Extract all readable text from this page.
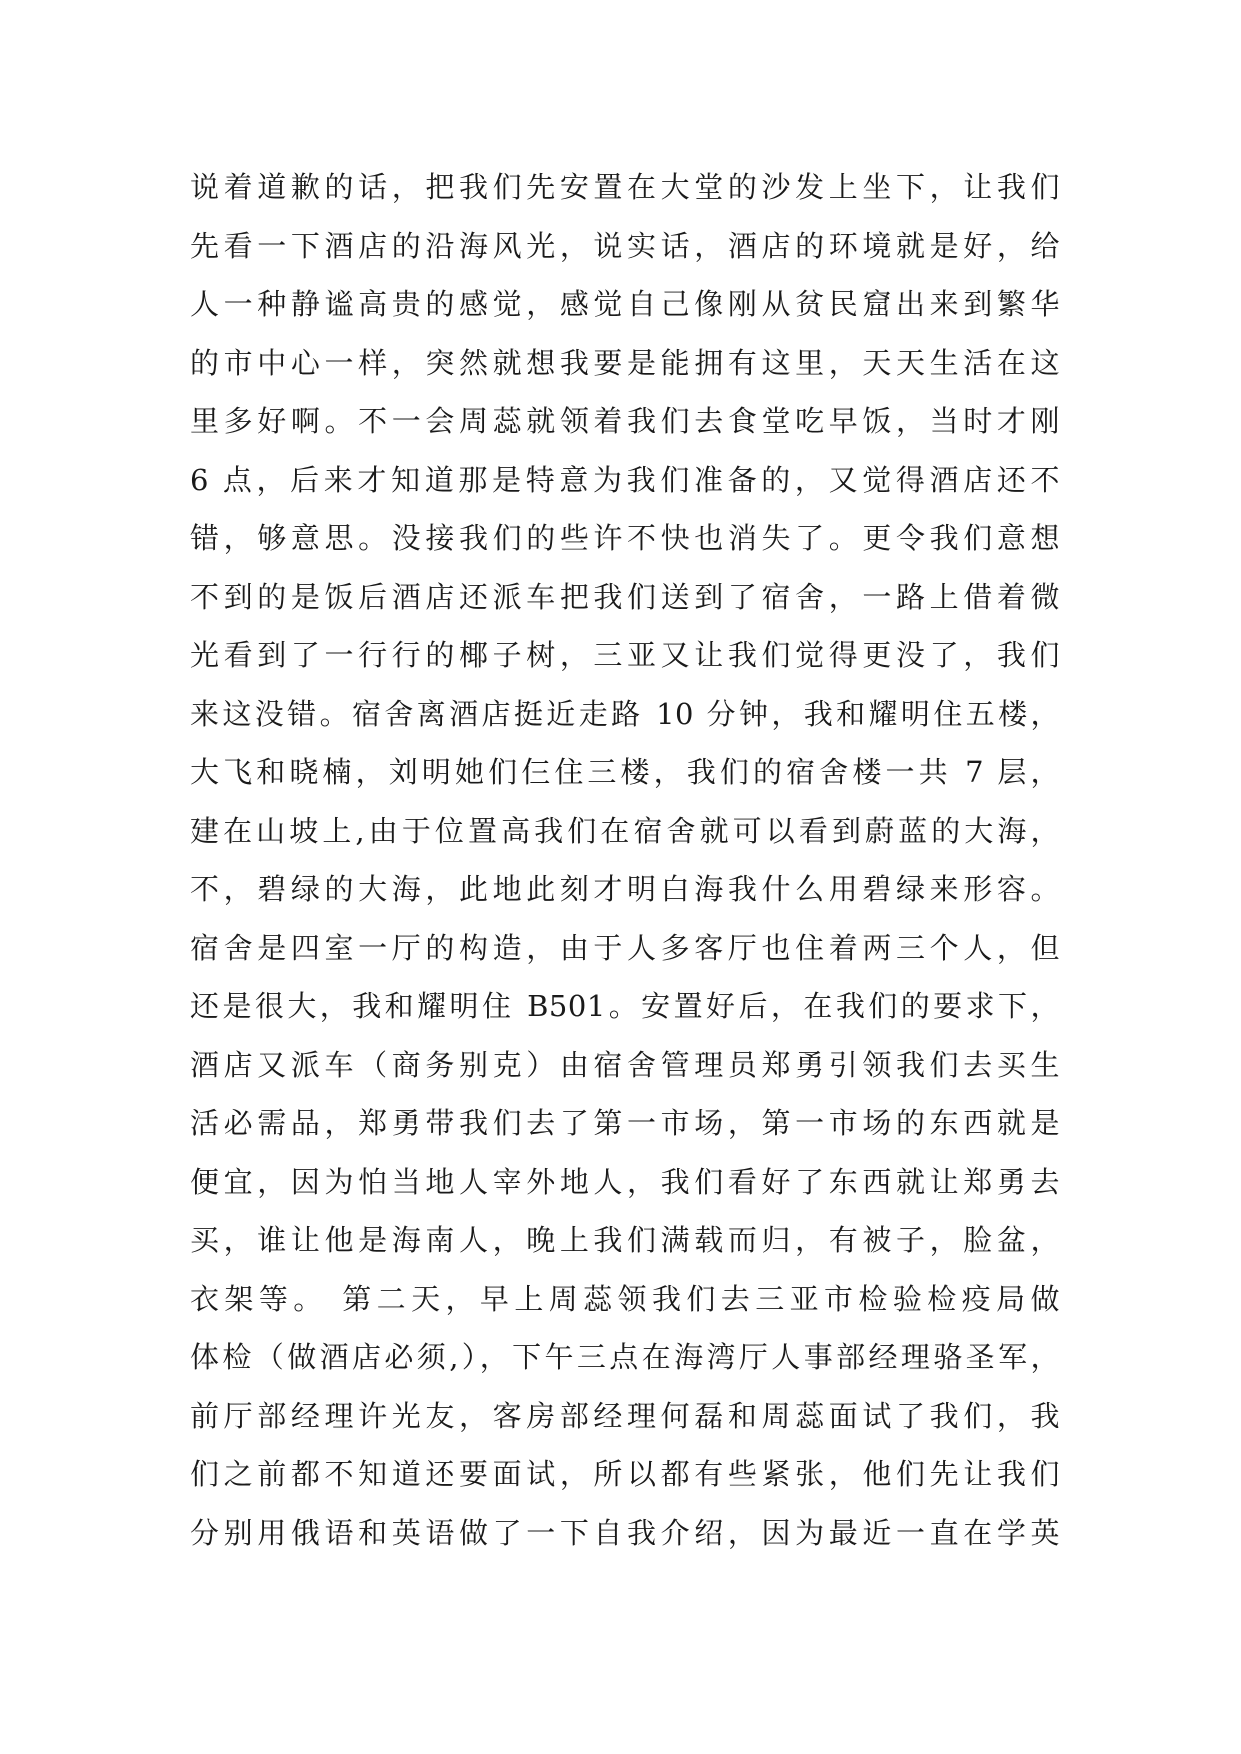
说着道歉的话，把我们先安置在大堂的沙发上坐下，让我们
先看一下酒店的沿海风光，说实话，酒店的环境就是好，给
人一种静谧高贵的感觉，感觉自己像刚从贫民窟出来到繁华
的市中心一样，突然就想我要是能拥有这里，天天生活在这
里多好啊。不一会周蕊就领着我们去食堂吃早饭，当时才刚
6 点，后来才知道那是特意为我们准备的，又觉得酒店还不
错，够意思。没接我们的些许不快也消失了。更令我们意想
不到的是饭后酒店还派车把我们送到了宿舍，一路上借着微
光看到了一行行的椰子树，三亚又让我们觉得更没了，我们
来这没错。宿舍离酒店挺近走路 10 分钟，我和耀明住五楼，
大飞和晓楠，刘明她们仨住三楼，我们的宿舍楼一共 7 层，
建在山坡上,由于位置高我们在宿舍就可以看到蔚蓝的大海，
不，碧绿的大海，此地此刻才明白海我什么用碧绿来形容。
宿舍是四室一厅的构造，由于人多客厅也住着两三个人，但
还是很大，我和耀明住 B501。安置好后，在我们的要求下，
酒店又派车（商务别克）由宿舍管理员郑勇引领我们去买生
活必需品，郑勇带我们去了第一市场，第一市场的东西就是
便宜，因为怕当地人宰外地人，我们看好了东西就让郑勇去
买，谁让他是海南人，晚上我们满载而归，有被子，脸盆，
衣架等。 第二天，早上周蕊领我们去三亚市检验检疫局做
体检（做酒店必须,），下午三点在海湾厅人事部经理骆圣军，
前厅部经理许光友，客房部经理何磊和周蕊面试了我们，我
们之前都不知道还要面试，所以都有些紧张，他们先让我们
分别用俄语和英语做了一下自我介绍，因为最近一直在学英
